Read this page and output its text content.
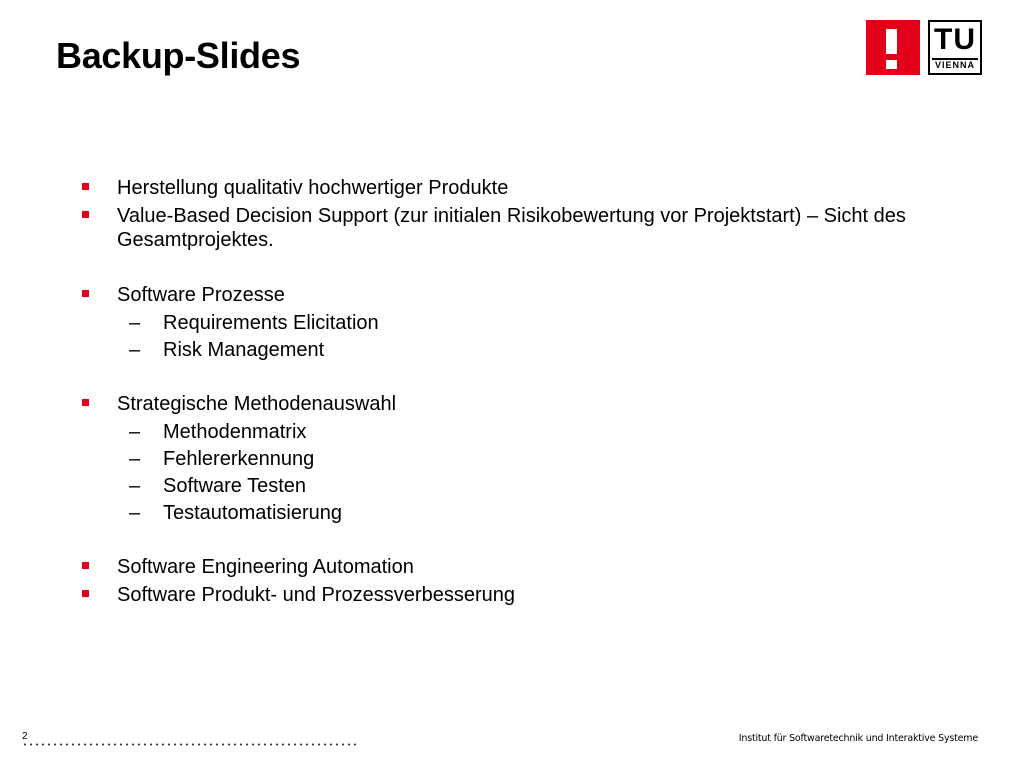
Backup-Slides	TU
VIENNA
Herstellung qualitativ hochwertiger Produkte
Value-Based Decision Support (zur initialen Risikobewertung vor Projektstart) – Sicht des Gesamtprojektes.
Software Prozesse
– Requirements Elicitation
– Risk Management
Strategische Methodenauswahl
– Methodenmatrix
– Fehlererkennung
– Software Testen
– Testautomatisierung
Software Engineering Automation
Software Produkt- und Prozessverbesserung
2	Institut für Softwaretechnik und Interaktive Systeme
